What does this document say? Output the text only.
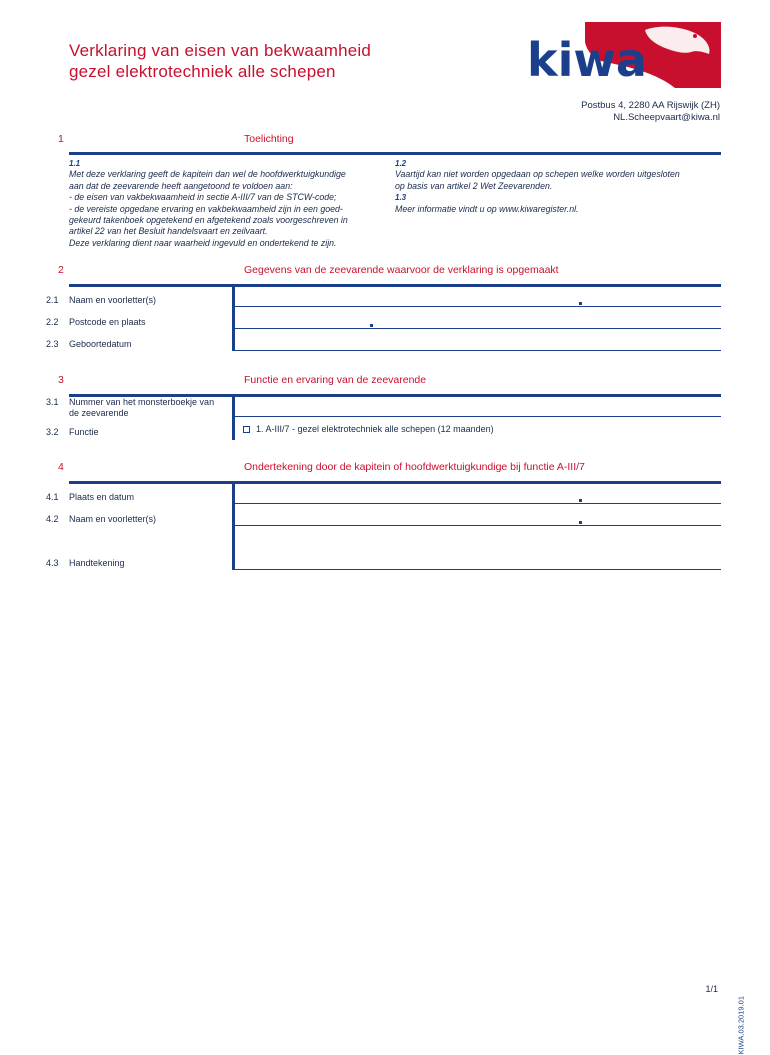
Verklaring van eisen van bekwaamheid
gezel elektrotechniek alle schepen	kiwa
Postbus 4, 2280 AA Rijswijk (ZH)
NL.Scheepvaart@kiwa.nl
1	Toelichting
1.1
Met deze verklaring geeft de kapitein dan wel de hoofdwerktuigkundige
aan dat de zeevarende heeft aangetoond te voldoen aan:
- de eisen van vakbekwaamheid in sectie A-III/7 van de STCW-code;
- de vereiste opgedane ervaring en vakbekwaamheid zijn in een goed-
gekeurd takenboek opgetekend en afgetekend zoals voorgeschreven in
artikel 22 van het Besluit handelsvaart en zeilvaart.
Deze verklaring dient naar waarheid ingevuld en ondertekend te zijn.
1.2
Vaartijd kan niet worden opgedaan op schepen welke worden uitgesloten
op basis van artikel 2 Wet Zeevarenden.
1.3
Meer informatie vindt u op www.kiwaregister.nl.
2	Gegevens van de zeevarende waarvoor de verklaring is opgemaakt
2.1 Naam en voorletter(s)
2.2 Postcode en plaats
2.3 Geboortedatum
3	Functie en ervaring van de zeevarende
3.1 Nummer van het monsterboekje van
de zeevarende
3.2 Functie	1. A-III/7 - gezel elektrotechniek alle schepen (12 maanden)
4	Ondertekening door de kapitein of hoofdwerktuigkundige bij functie A-III/7
4.1 Plaats en datum
4.2 Naam en voorletter(s)
4.3 Handtekening
1/1
KIWA.03.2019.01
